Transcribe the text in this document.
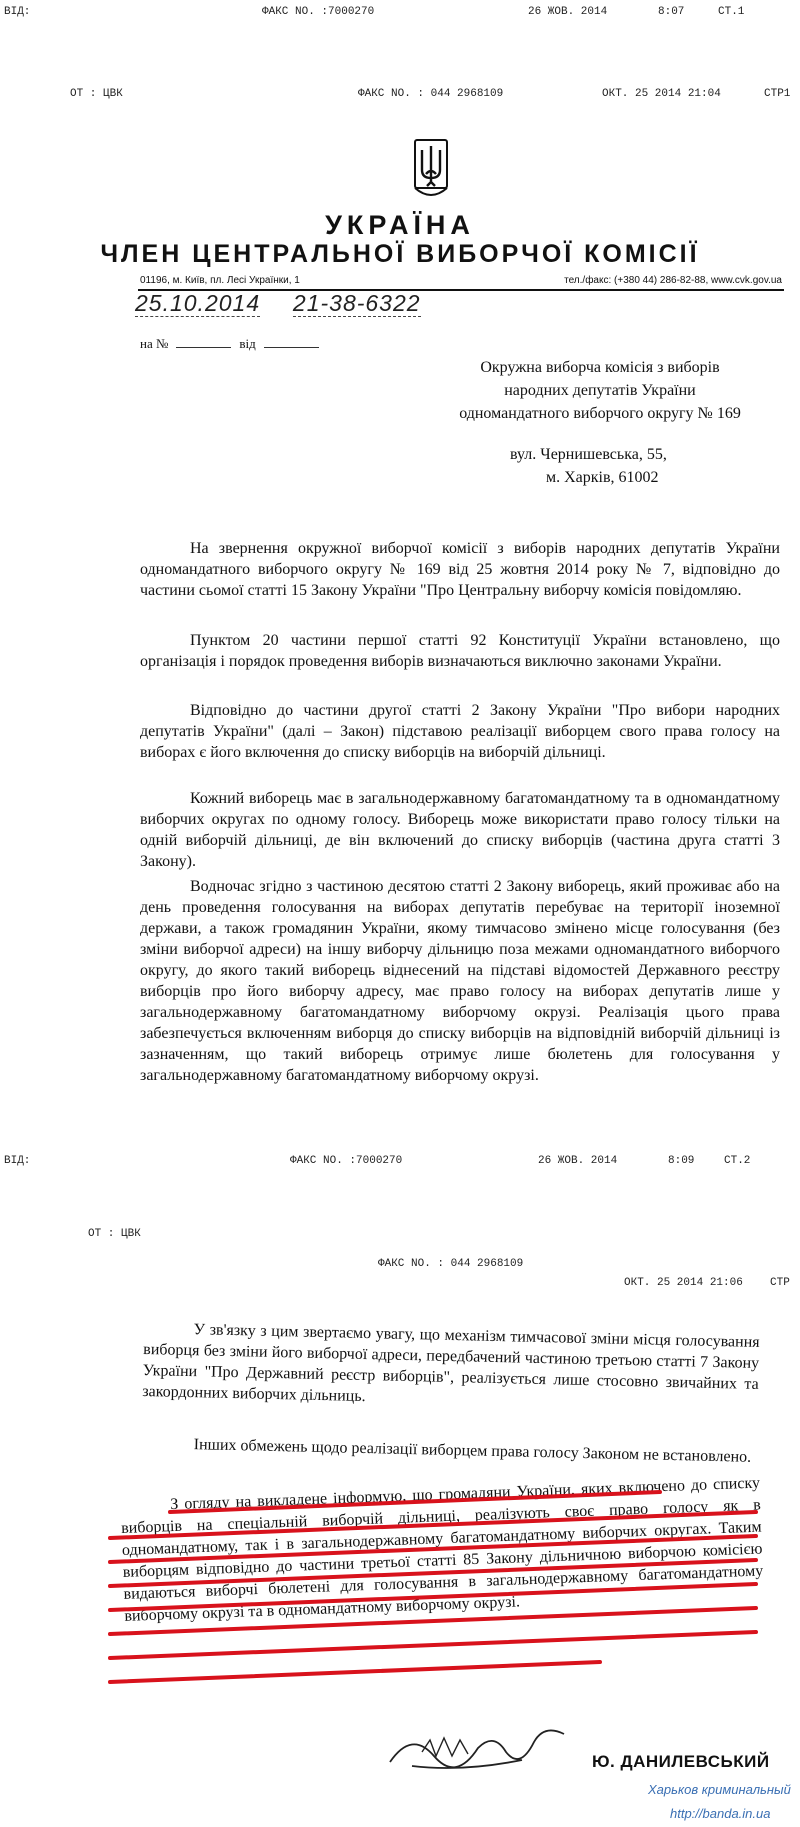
ВІД:	ФАКС NO. :7000270	26 ЖОВ. 2014	8:07	СТ.1
ОТ : ЦВК	ФАКС NO. : 044 2968109	ОКТ. 25 2014 21:04	СТР1
УКРАЇНА
ЧЛЕН ЦЕНТРАЛЬНОЇ ВИБОРЧОЇ КОМІСІЇ
01196, м. Київ, пл. Лесі Українки, 1	тел./факс: (+380 44) 286-82-88, www.cvk.gov.ua
25.10.2014 21-38-6322
на №	від
Окружна виборча комісія з виборів
народних депутатів України
одномандатного виборчого округу № 169
вул. Чернишевська, 55,
м. Харків, 61002

На звернення окружної виборчої комісії з виборів народних депутатів України одномандатного виборчого округу № 169 від 25 жовтня 2014 року № 7, відповідно до частини сьомої статті 15 Закону України "Про Центральну виборчу комісія повідомляю.

Пунктом 20 частини першої статті 92 Конституції України встановлено, що організація і порядок проведення виборів визначаються виключно законами України.

Відповідно до частини другої статті 2 Закону України "Про вибори народних депутатів України" (далі – Закон) підставою реалізації виборцем свого права голосу на виборах є його включення до списку виборців на виборчій дільниці.

Кожний виборець має в загальнодержавному багатомандатному та в одномандатному виборчих округах по одному голосу. Виборець може використати право голосу тільки на одній виборчій дільниці, де він включений до списку виборців (частина друга статті 3 Закону).

Водночас згідно з частиною десятою статті 2 Закону виборець, який проживає або на день проведення голосування на виборах депутатів перебуває на території іноземної держави, а також громадянин України, якому тимчасово змінено місце голосування (без зміни виборчої адреси) на іншу виборчу дільницю поза межами одномандатного виборчого округу, до якого такий виборець віднесений на підставі відомостей Державного реєстру виборців про його виборчу адресу, має право голосу на виборах депутатів лише у загальнодержавному багатомандатному виборчому окрузі. Реалізація цього права забезпечується включенням виборця до списку виборців на відповідній виборчій дільниці із зазначенням, що такий виборець отримує лише бюлетень для голосування у загальнодержавному багатомандатному виборчому окрузі.

ВІД:	ФАКС NO. :7000270	26 ЖОВ. 2014	8:09	СТ.2
ОТ : ЦВК
ФАКС NO. : 044 2968109
ОКТ. 25 2014 21:06 СТР

У зв'язку з цим звертаємо увагу, що механізм тимчасової зміни місця голосування виборця без зміни його виборчої адреси, передбачений частиною третьою статті 7 Закону України "Про Державний реєстр виборців", реалізується лише стосовно звичайних та закордонних виборчих дільниць.

Інших обмежень щодо реалізації виборцем права голосу Законом не встановлено.

З огляду на викладене інформую, що громадяни України, яких включено до списку виборців на спеціальній виборчій дільниці, реалізують своє право голосу як в одномандатному, так і в загальнодержавному багатомандатному виборчих округах. Таким виборцям відповідно до частини третьої статті 85 Закону дільничною виборчою комісією видаються виборчі бюлетені для голосування в загальнодержавному багатомандатному виборчому окрузі та в одномандатному виборчому окрузі.

Ю. ДАНИЛЕВСЬКИЙ
Харьков криминальный
http://banda.in.ua
